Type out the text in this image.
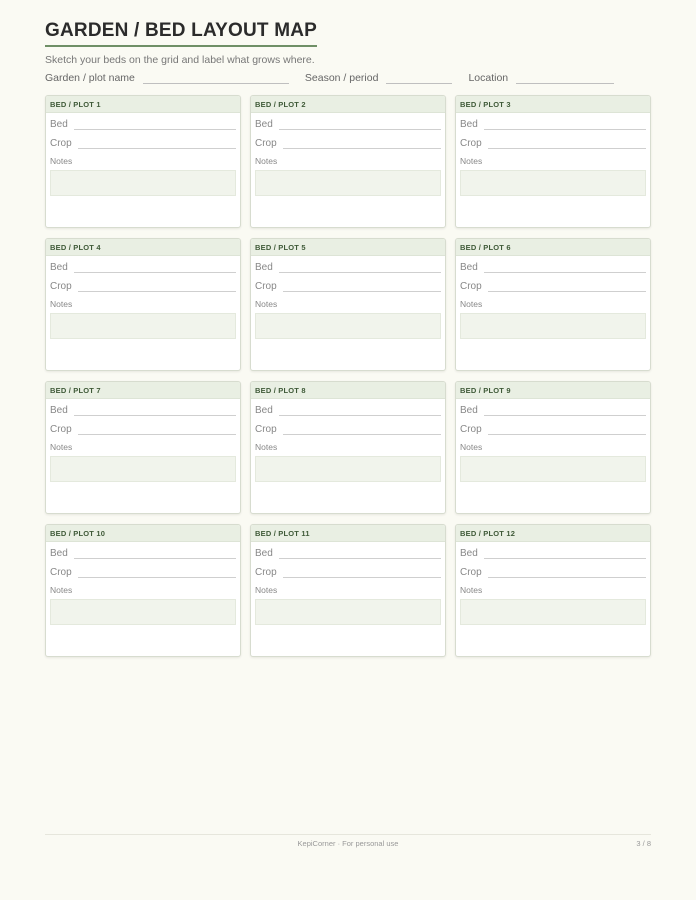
GARDEN / BED LAYOUT MAP

Sketch your beds on the grid and label what grows where.

Garden / plot name	Season / period	Location
BED / PLOT 1
Bed
Crop
Notes
BED / PLOT 2
Bed
Crop
Notes
BED / PLOT 3
Bed
Crop
Notes
BED / PLOT 4
Bed
Crop
Notes
BED / PLOT 5
Bed
Crop
Notes
BED / PLOT 6
Bed
Crop
Notes
BED / PLOT 7
Bed
Crop
Notes
BED / PLOT 8
Bed
Crop
Notes
BED / PLOT 9
Bed
Crop
Notes
BED / PLOT 10
Bed
Crop
Notes
BED / PLOT 11
Bed
Crop
Notes
BED / PLOT 12
Bed
Crop
Notes
KepiCorner · For personal use	3 / 8
